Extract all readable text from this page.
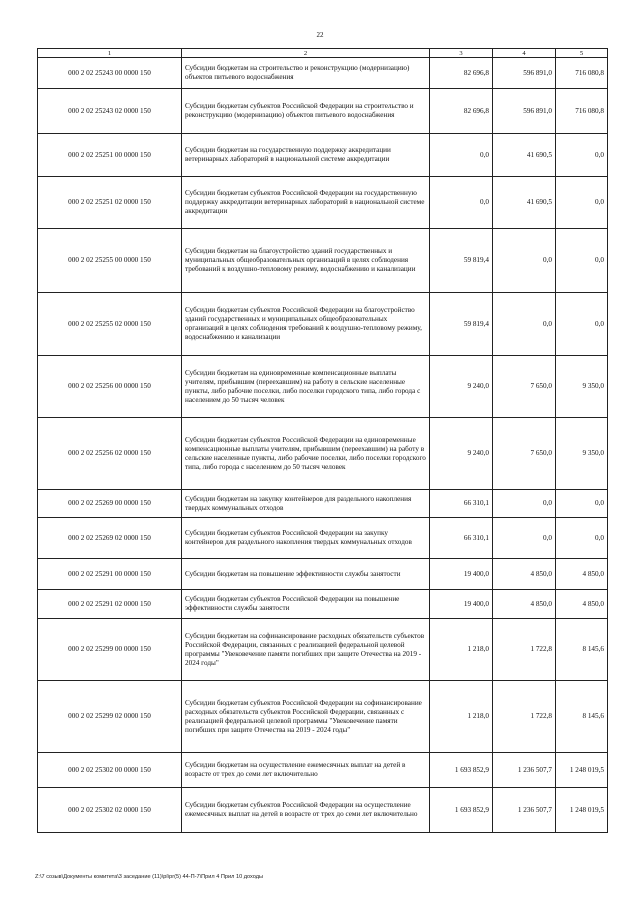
22
1	2	3	4	5
000 2 02 25243 00 0000 150	Субсидии бюджетам на строительство и реконструкцию (модернизацию) объектов питьевого водоснабжения	82 696,8	596 891,0	716 080,8
000 2 02 25243 02 0000 150	Субсидии бюджетам субъектов Российской Федерации на строительство и реконструкцию (модернизацию) объектов питьевого водоснабжения	82 696,8	596 891,0	716 080,8
000 2 02 25251 00 0000 150	Субсидии бюджетам на государственную поддержку аккредитации ветеринарных лабораторий в национальной системе аккредитации	0,0	41 690,5	0,0
000 2 02 25251 02 0000 150	Субсидии бюджетам субъектов Российской Федерации на государственную поддержку аккредитации ветеринарных лабораторий в национальной системе аккредитации	0,0	41 690,5	0,0
000 2 02 25255 00 0000 150	Субсидии бюджетам на благоустройство зданий государственных и муниципальных общеобразовательных организаций в целях соблюдения требований к воздушно-тепловому режиму, водоснабжению и канализации	59 819,4	0,0	0,0
000 2 02 25255 02 0000 150	Субсидии бюджетам субъектов Российской Федерации на благоустройство зданий государственных и муниципальных общеобразовательных организаций в целях соблюдения требований к воздушно-тепловому режиму, водоснабжению и канализации	59 819,4	0,0	0,0
000 2 02 25256 00 0000 150	Субсидии бюджетам на единовременные компенсационные выплаты учителям, прибывшим (переехавшим) на работу в сельские населенные пункты, либо рабочие поселки, либо поселки городского типа, либо города с населением до 50 тысяч человек	9 240,0	7 650,0	9 350,0
000 2 02 25256 02 0000 150	Субсидии бюджетам субъектов Российской Федерации на единовременные компенсационные выплаты учителям, прибывшим (переехавшим) на работу в сельские населенные пункты, либо рабочие поселки, либо поселки городского типа, либо города с населением до 50 тысяч человек	9 240,0	7 650,0	9 350,0
000 2 02 25269 00 0000 150	Субсидии бюджетам на закупку контейнеров для раздельного накопления твердых коммунальных отходов	66 310,1	0,0	0,0
000 2 02 25269 02 0000 150	Субсидии бюджетам субъектов Российской Федерации на закупку контейнеров для раздельного накопления твердых коммунальных отходов	66 310,1	0,0	0,0
000 2 02 25291 00 0000 150	Субсидии бюджетам на повышение эффективности службы занятости	19 400,0	4 850,0	4 850,0
000 2 02 25291 02 0000 150	Субсидии бюджетам субъектов Российской Федерации на повышение эффективности службы занятости	19 400,0	4 850,0	4 850,0
000 2 02 25299 00 0000 150	Субсидии бюджетам на софинансирование расходных обязательств субъектов Российской Федерации, связанных с реализацией федеральной целевой программы "Увековечение памяти погибших при защите Отечества на 2019 - 2024 годы"	1 218,0	1 722,8	8 145,6
000 2 02 25299 02 0000 150	Субсидии бюджетам субъектов Российской Федерации на софинансирование расходных обязательств субъектов Российской Федерации, связанных с реализацией федеральной целевой программы "Увековечение памяти погибших при защите Отечества на 2019 - 2024 годы"	1 218,0	1 722,8	8 145,6
000 2 02 25302 00 0000 150	Субсидии бюджетам на осуществление ежемесячных выплат на детей в возрасте от трех до семи лет включительно	1 693 852,9	1 236 507,7	1 248 019,5
000 2 02 25302 02 0000 150	Субсидии бюджетам субъектов Российской Федерации на осуществление ежемесячных выплат на детей в возрасте от трех до семи лет включительно	1 693 852,9	1 236 507,7	1 248 019,5
Z:\7 созыв\Документы комитета\3 заседание (11)\рi\рr(5) 44-П-7\Прил 4 Прил 10 доходы
